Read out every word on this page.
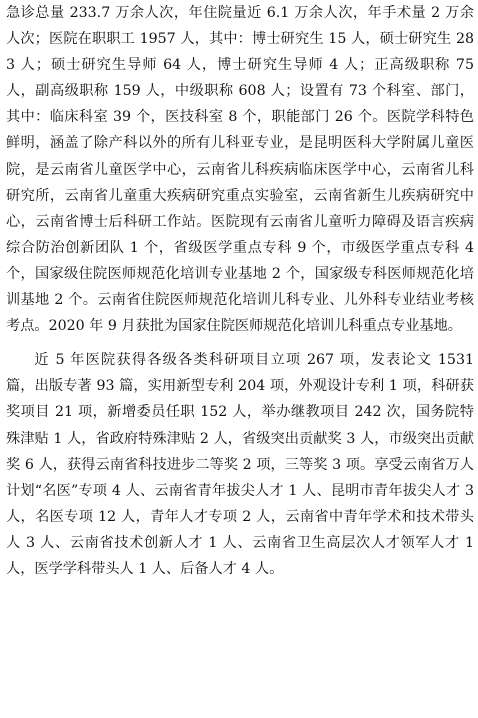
急诊总量 233.7 万余人次，年住院量近 6.1 万余人次，年手术量 2 万余人次；医院在职职工 1957 人，其中：博士研究生 15 人，硕士研究生 283 人；硕士研究生导师 64 人，博士研究生导师 4 人；正高级职称 75 人，副高级职称 159 人，中级职称 608 人；设置有 73 个科室、部门，其中：临床科室 39 个，医技科室 8 个，职能部门 26 个。医院学科特色鲜明，涵盖了除产科以外的所有儿科亚专业，是昆明医科大学附属儿童医院，是云南省儿童医学中心，云南省儿科疾病临床医学中心，云南省儿科研究所，云南省儿童重大疾病研究重点实验室，云南省新生儿疾病研究中心，云南省博士后科研工作站。医院现有云南省儿童听力障碍及语言疾病综合防治创新团队 1 个，省级医学重点专科 9 个，市级医学重点专科 4 个，国家级住院医师规范化培训专业基地 2 个，国家级专科医师规范化培训基地 2 个。云南省住院医师规范化培训儿科专业、儿外科专业结业考核考点。2020 年 9 月获批为国家住院医师规范化培训儿科重点专业基地。

近 5 年医院获得各级各类科研项目立项 267 项，发表论文 1531 篇，出版专著 93 篇，实用新型专利 204 项，外观设计专利 1 项，科研获奖项目 21 项，新增委员任职 152 人，举办继教项目 242 次，国务院特殊津贴 1 人，省政府特殊津贴 2 人，省级突出贡献奖 3 人，市级突出贡献奖 6 人，获得云南省科技进步二等奖 2 项，三等奖 3 项。享受云南省万人计划“名医”专项 4 人、云南省青年拔尖人才 1 人、昆明市青年拔尖人才 3 人，名医专项 12 人，青年人才专项 2 人，云南省中青年学术和技术带头人 3 人、云南省技术创新人才 1 人、云南省卫生高层次人才领军人才 1 人，医学学科带头人 1 人、后备人才 4 人。
